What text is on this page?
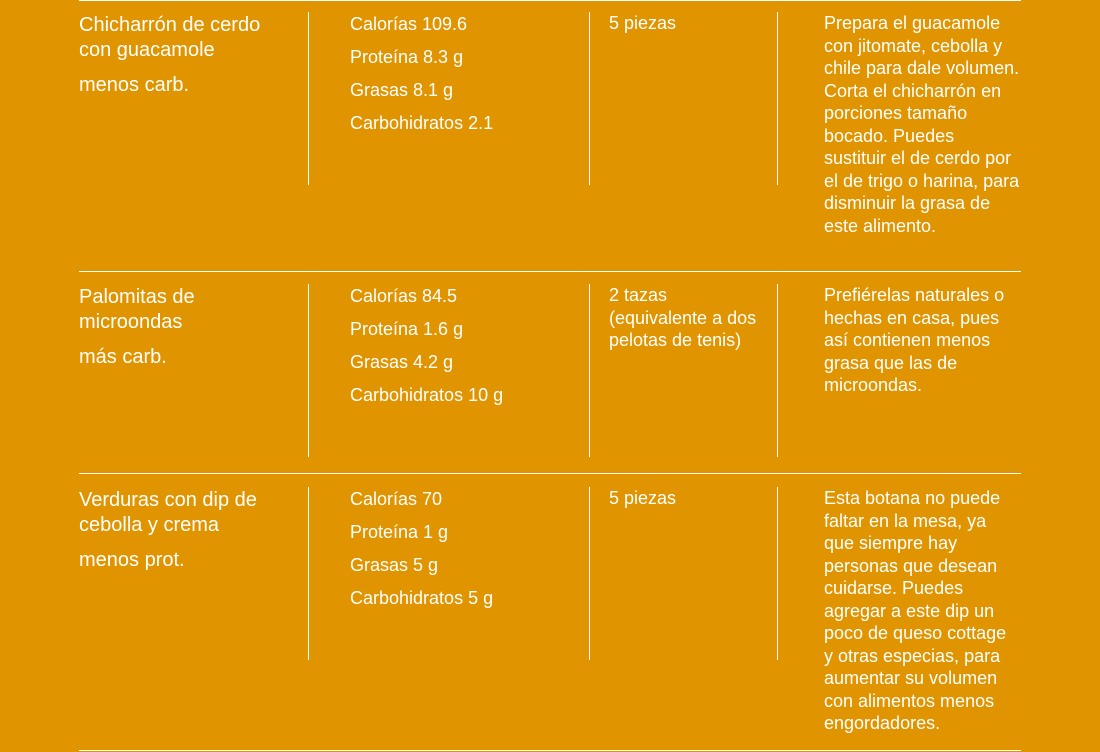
Chicharrón de cerdo con guacamole
menos carb.
Calorías 109.6
Proteína 8.3 g
Grasas 8.1 g
Carbohidratos 2.1
5 piezas	Prepara el guacamole con jitomate, cebolla y chile para dale volumen. Corta el chicharrón en porciones tamaño bocado. Puedes sustituir el de cerdo por el de trigo o harina, para disminuir la grasa de este alimento.
Palomitas de microondas
más carb.
Calorías 84.5
Proteína 1.6 g
Grasas 4.2 g
Carbohidratos 10 g
2 tazas (equivalente a dos pelotas de tenis)
Prefiérelas naturales o hechas en casa, pues así contienen menos grasa que las de microondas.
Verduras con dip de cebolla y crema
menos prot.
Calorías 70
Proteína 1 g
Grasas 5 g
Carbohidratos 5 g
5 piezas	Esta botana no puede faltar en la mesa, ya que siempre hay personas que desean cuidarse. Puedes agregar a este dip un poco de queso cottage y otras especias, para aumentar su volumen con alimentos menos engordadores.
